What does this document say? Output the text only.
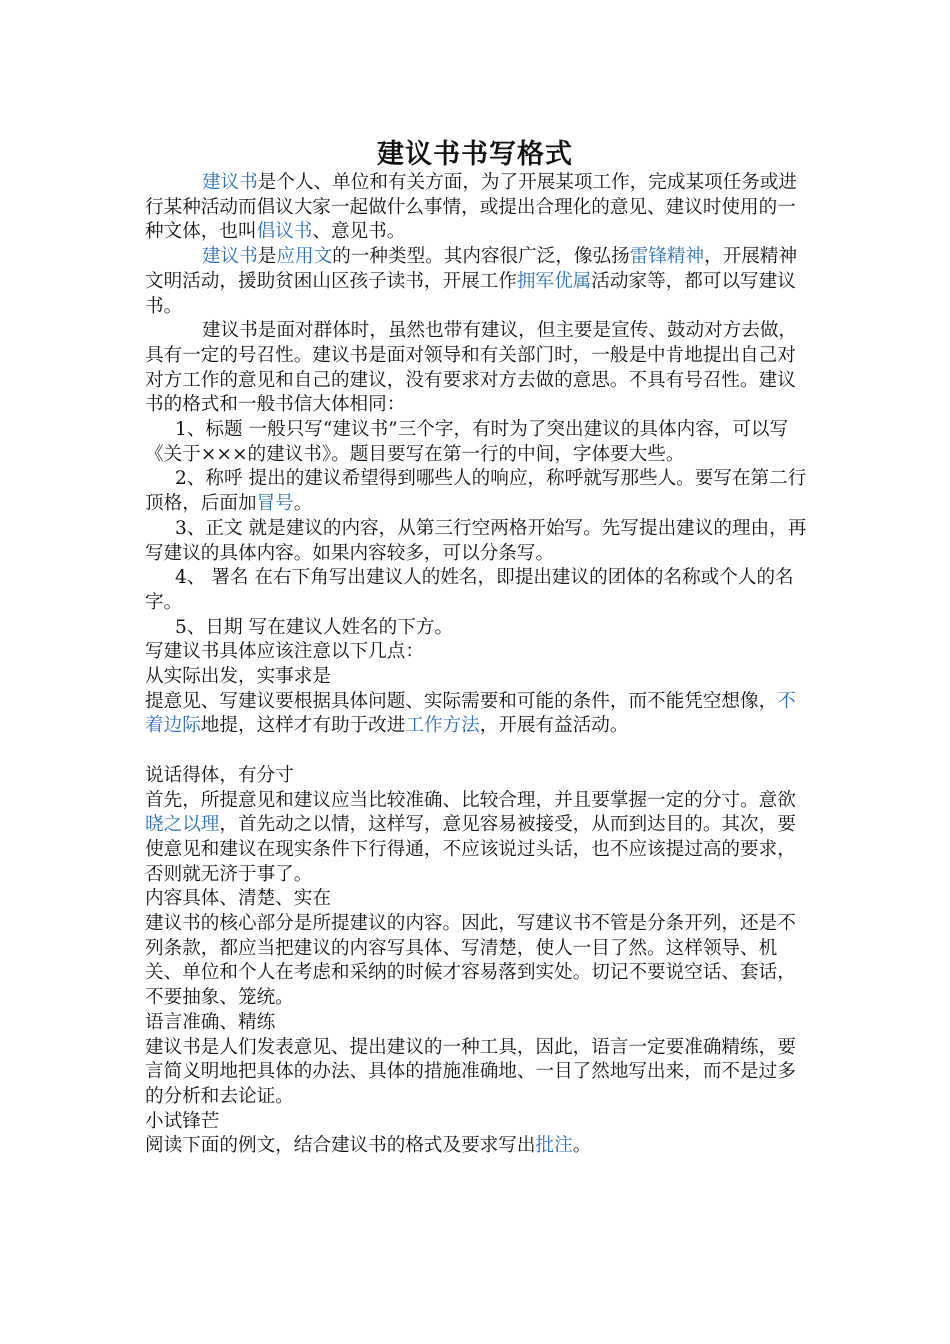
建议书书写格式

建议书是个人、单位和有关方面，为了开展某项工作，完成某项任务或进行某种活动而倡议大家一起做什么事情，或提出合理化的意见、建议时使用的一种文体，也叫倡议书、意见书。

建议书是应用文的一种类型。其内容很广泛，像弘扬雷锋精神，开展精神文明活动，援助贫困山区孩子读书，开展工作拥军优属活动家等，都可以写建议书。

建议书是面对群体时，虽然也带有建议，但主要是宣传、鼓动对方去做，具有一定的号召性。建议书是面对领导和有关部门时，一般是中肯地提出自己对对方工作的意见和自己的建议，没有要求对方去做的意思。不具有号召性。建议书的格式和一般书信大体相同：

1、标题 一般只写“建议书”三个字，有时为了突出建议的具体内容，可以写《关于×××的建议书》。题目要写在第一行的中间，字体要大些。

2、称呼 提出的建议希望得到哪些人的响应，称呼就写那些人。要写在第二行顶格，后面加冒号。

3、正文 就是建议的内容，从第三行空两格开始写。先写提出建议的理由，再写建议的具体内容。如果内容较多，可以分条写。

4、 署名 在右下角写出建议人的姓名，即提出建议的团体的名称或个人的名字。

5、日期 写在建议人姓名的下方。

写建议书具体应该注意以下几点：

从实际出发，实事求是

提意见、写建议要根据具体问题、实际需要和可能的条件，而不能凭空想像，不着边际地提，这样才有助于改进工作方法，开展有益活动。

说话得体，有分寸

首先，所提意见和建议应当比较准确、比较合理，并且要掌握一定的分寸。意欲晓之以理，首先动之以情，这样写，意见容易被接受，从而到达目的。其次，要使意见和建议在现实条件下行得通，不应该说过头话，也不应该提过高的要求，否则就无济于事了。

内容具体、清楚、实在

建议书的核心部分是所提建议的内容。因此，写建议书不管是分条开列，还是不列条款，都应当把建议的内容写具体、写清楚，使人一目了然。这样领导、机关、单位和个人在考虑和采纳的时候才容易落到实处。切记不要说空话、套话，不要抽象、笼统。

语言准确、精练

建议书是人们发表意见、提出建议的一种工具，因此，语言一定要准确精练，要言简义明地把具体的办法、具体的措施准确地、一目了然地写出来，而不是过多的分析和去论证。

小试锋芒

阅读下面的例文，结合建议书的格式及要求写出批注。
